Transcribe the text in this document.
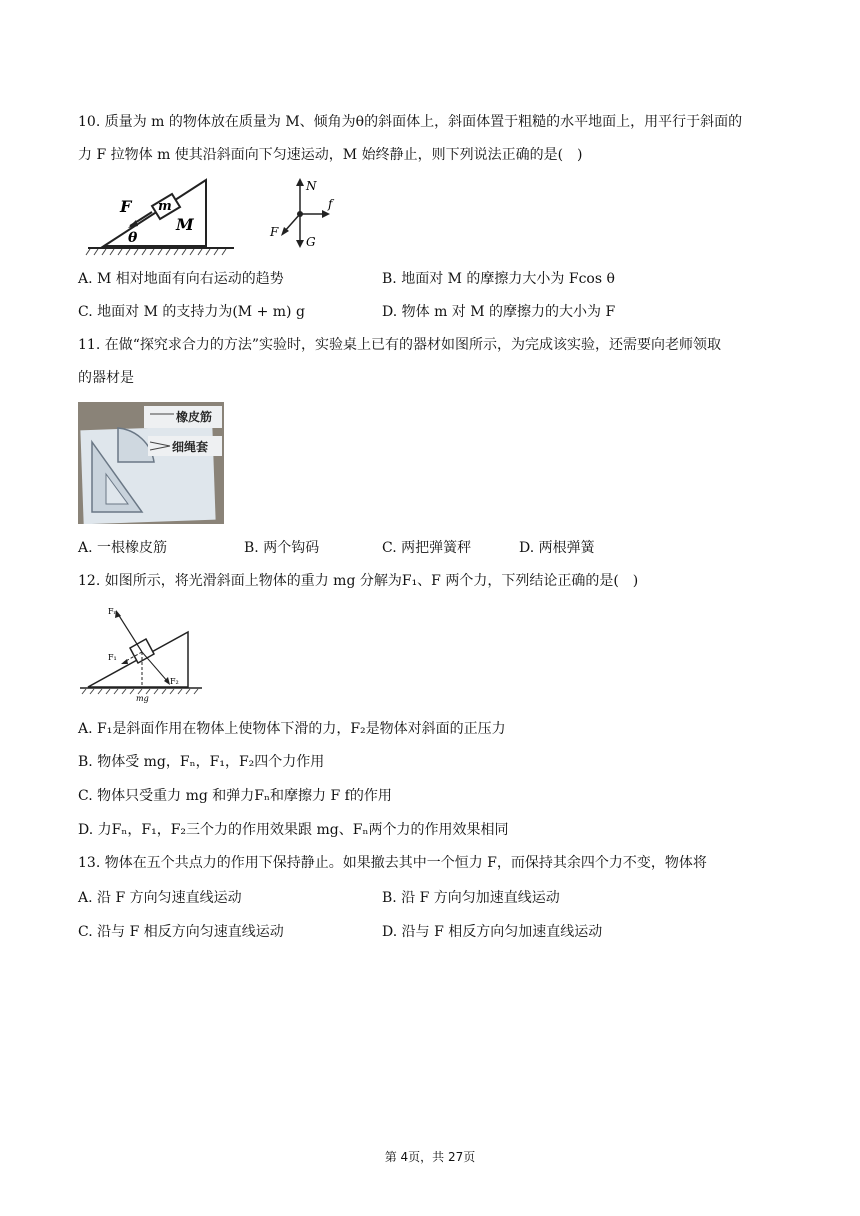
10. 质量为 m 的物体放在质量为 M、倾角为θ的斜面体上，斜面体置于粗糙的水平地面上，用平行于斜面的
力 F 拉物体 m 使其沿斜面向下匀速运动，M 始终静止，则下列说法正确的是(　)
F m
M
θ
N
f
G
F
A. M 相对地面有向右运动的趋势	B. 地面对 M 的摩擦力大小为 Fcos θ
C. 地面对 M 的支持力为(M + m) g	D. 物体 m 对 M 的摩擦力的大小为 F
11. 在做“探究求合力的方法”实验时，实验桌上已有的器材如图所示，为完成该实验，还需要向老师领取
的器材是
橡皮筋
细绳套
A. 一根橡皮筋	B. 两个钩码	C. 两把弹簧秤	D. 两根弹簧
12. 如图所示，将光滑斜面上物体的重力 mg 分解为F₁、F 两个力，下列结论正确的是(　)
Fₙ
F₁
F₂
mg
A. F₁是斜面作用在物体上使物体下滑的力，F₂是物体对斜面的正压力
B. 物体受 mg，Fₙ，F₁，F₂四个力作用
C. 物体只受重力 mg 和弹力Fₙ和摩擦力 F f的作用
D. 力Fₙ，F₁，F₂三个力的作用效果跟 mg、Fₙ两个力的作用效果相同
13. 物体在五个共点力的作用下保持静止。如果撤去其中一个恒力 F，而保持其余四个力不变，物体将
A. 沿 F 方向匀速直线运动	B. 沿 F 方向匀加速直线运动
C. 沿与 F 相反方向匀速直线运动	D. 沿与 F 相反方向匀加速直线运动
第 4页，共 27页
